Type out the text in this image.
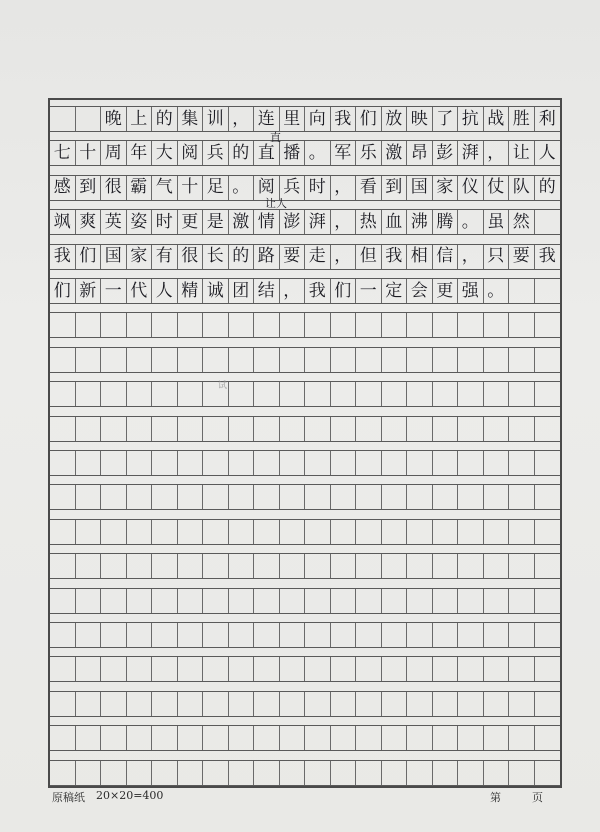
晚 上 的 集 训 ， 连 里 向 我 们 放 映 了 抗 战 胜 利
七 十 周 年 大 阅 兵 的 直 播 。 军 乐 激 昂 彭 湃 ， 让 人
感 到 很 霸 气 十 足 。 阅 兵 时 ， 看 到 国 家 仪 仗 队 的
飒 爽 英 姿 时 更 是 激 情 澎 湃 ， 热 血 沸 腾 。 虽 然
我 们 国 家 有 很 长 的 路 要 走 ， 但 我 相 信 ， 只 要 我
们 新 一 代 人 精 诚 团 结 ， 我 们 一 定 会 更 强 。
直
让人
试
原稿纸 20×20=400	第	页
